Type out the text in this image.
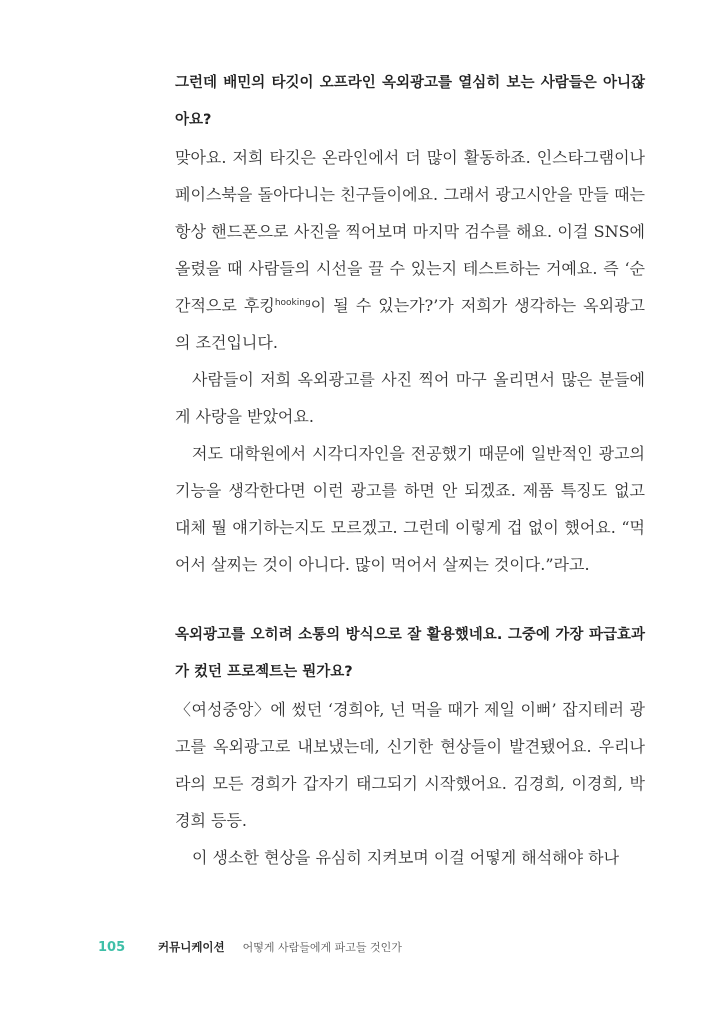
그런데 배민의 타깃이 오프라인 옥외광고를 열심히 보는 사람들은 아니잖아요?

맞아요. 저희 타깃은 온라인에서 더 많이 활동하죠. 인스타그램이나 페이스북을 돌아다니는 친구들이에요. 그래서 광고시안을 만들 때는 항상 핸드폰으로 사진을 찍어보며 마지막 검수를 해요. 이걸 SNS에 올렸을 때 사람들의 시선을 끌 수 있는지 테스트하는 거예요. 즉 ‘순간적으로 후킹$^{hooking}$이 될 수 있는가?’가 저희가 생각하는 옥외광고의 조건입니다.

사람들이 저희 옥외광고를 사진 찍어 마구 올리면서 많은 분들에게 사랑을 받았어요.

저도 대학원에서 시각디자인을 전공했기 때문에 일반적인 광고의 기능을 생각한다면 이런 광고를 하면 안 되겠죠. 제품 특징도 없고 대체 뭘 얘기하는지도 모르겠고. 그런데 이렇게 겁 없이 했어요. “먹어서 살찌는 것이 아니다. 많이 먹어서 살찌는 것이다.”라고.

옥외광고를 오히려 소통의 방식으로 잘 활용했네요. 그중에 가장 파급효과가 컸던 프로젝트는 뭔가요?

〈여성중앙〉에 썼던 ‘경희야, 넌 먹을 때가 제일 이뻐’ 잡지테러 광고를 옥외광고로 내보냈는데, 신기한 현상들이 발견됐어요. 우리나라의 모든 경희가 갑자기 태그되기 시작했어요. 김경희, 이경희, 박경희 등등.

이 생소한 현상을 유심히 지켜보며 이걸 어떻게 해석해야 하나

105	커뮤니케이션 어떻게 사람들에게 파고들 것인가
